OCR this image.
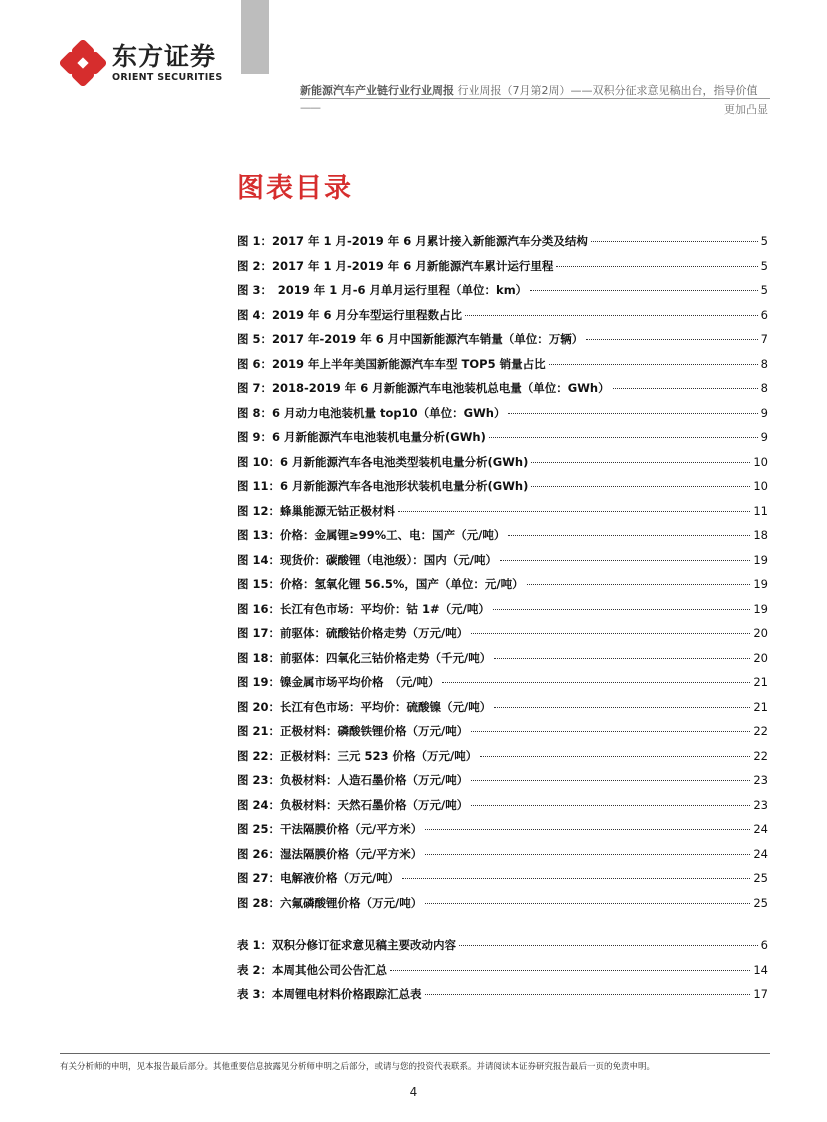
东方证券
ORIENT SECURITIES
新能源汽车产业链行业行业周报 行业周报（7月第2周）——双积分征求意见稿出台，指导价值
——	更加凸显
图表目录
图 1：2017 年 1 月-2019 年 6 月累计接入新能源汽车分类及结构	5
图 2：2017 年 1 月-2019 年 6 月新能源汽车累计运行里程	5
图 3：　2019 年 1 月-6 月单月运行里程（单位：km）	5
图 4：2019 年 6 月分车型运行里程数占比	6
图 5：2017 年-2019 年 6 月中国新能源汽车销量（单位：万辆）	7
图 6：2019 年上半年美国新能源汽车车型 TOP5 销量占比	8
图 7：2018-2019 年 6 月新能源汽车电池装机总电量（单位：GWh）	8
图 8：6 月动力电池装机量 top10（单位：GWh）	9
图 9：6 月新能源汽车电池装机电量分析(GWh)	9
图 10：6 月新能源汽车各电池类型装机电量分析(GWh)	10
图 11：6 月新能源汽车各电池形状装机电量分析(GWh)	10
图 12：蜂巢能源无钴正极材料	11
图 13：价格：金属锂≥99%工、电：国产（元/吨）	18
图 14：现货价：碳酸锂（电池级）：国内（元/吨）	19
图 15：价格：氢氧化锂 56.5%，国产（单位：元/吨）	19
图 16：长江有色市场：平均价：钴 1#（元/吨）	19
图 17：前驱体：硫酸钴价格走势（万元/吨）	20
图 18：前驱体：四氧化三钴价格走势（千元/吨）	20
图 19：镍金属市场平均价格　（元/吨）	21
图 20：长江有色市场：平均价：硫酸镍（元/吨）	21
图 21：正极材料：磷酸铁锂价格（万元/吨）	22
图 22：正极材料：三元 523 价格（万元/吨）	22
图 23：负极材料：人造石墨价格（万元/吨）	23
图 24：负极材料：天然石墨价格（万元/吨）	23
图 25：干法隔膜价格（元/平方米）	24
图 26：湿法隔膜价格（元/平方米）	24
图 27：电解液价格（万元/吨）	25
图 28：六氟磷酸锂价格（万元/吨）	25
表 1：双积分修订征求意见稿主要改动内容	6
表 2：本周其他公司公告汇总	14
表 3：本周锂电材料价格跟踪汇总表	17
有关分析师的申明，见本报告最后部分。其他重要信息披露见分析师申明之后部分，或请与您的投资代表联系。并请阅读本证券研究报告最后一页的免责申明。
4
